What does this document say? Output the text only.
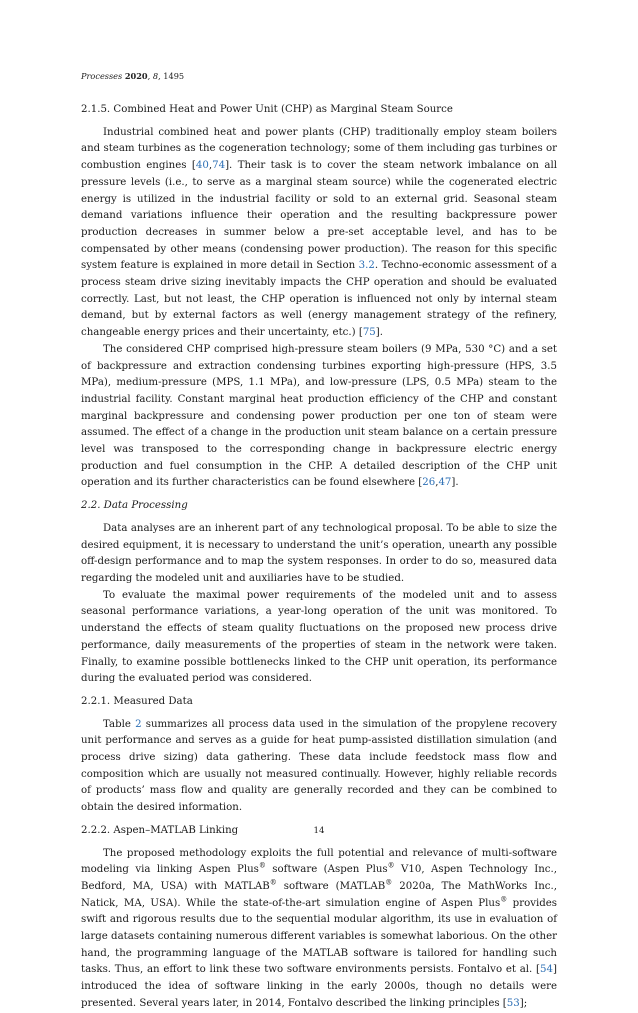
Processes 2020, 8, 1495
2.1.5. Combined Heat and Power Unit (CHP) as Marginal Steam Source

Industrial combined heat and power plants (CHP) traditionally employ steam boilers and steam turbines as the cogeneration technology; some of them including gas turbines or combustion engines [40,74]. Their task is to cover the steam network imbalance on all pressure levels (i.e., to serve as a marginal steam source) while the cogenerated electric energy is utilized in the industrial facility or sold to an external grid. Seasonal steam demand variations influence their operation and the resulting backpressure power production decreases in summer below a pre-set acceptable level, and has to be compensated by other means (condensing power production). The reason for this specific system feature is explained in more detail in Section 3.2. Techno-economic assessment of a process steam drive sizing inevitably impacts the CHP operation and should be evaluated correctly. Last, but not least, the CHP operation is influenced not only by internal steam demand, but by external factors as well (energy management strategy of the refinery, changeable energy prices and their uncertainty, etc.) [75].

The considered CHP comprised high-pressure steam boilers (9 MPa, 530 °C) and a set of backpressure and extraction condensing turbines exporting high-pressure (HPS, 3.5 MPa), medium-pressure (MPS, 1.1 MPa), and low-pressure (LPS, 0.5 MPa) steam to the industrial facility. Constant marginal heat production efficiency of the CHP and constant marginal backpressure and condensing power production per one ton of steam were assumed. The effect of a change in the production unit steam balance on a certain pressure level was transposed to the corresponding change in backpressure electric energy production and fuel consumption in the CHP. A detailed description of the CHP unit operation and its further characteristics can be found elsewhere [26,47].

2.2. Data Processing

Data analyses are an inherent part of any technological proposal. To be able to size the desired equipment, it is necessary to understand the unit’s operation, unearth any possible off-design performance and to map the system responses. In order to do so, measured data regarding the modeled unit and auxiliaries have to be studied.

To evaluate the maximal power requirements of the modeled unit and to assess seasonal performance variations, a year-long operation of the unit was monitored. To understand the effects of steam quality fluctuations on the proposed new process drive performance, daily measurements of the properties of steam in the network were taken. Finally, to examine possible bottlenecks linked to the CHP unit operation, its performance during the evaluated period was considered.

2.2.1. Measured Data

Table 2 summarizes all process data used in the simulation of the propylene recovery unit performance and serves as a guide for heat pump-assisted distillation simulation (and process drive sizing) data gathering. These data include feedstock mass flow and composition which are usually not measured continually. However, highly reliable records of products’ mass flow and quality are generally recorded and they can be combined to obtain the desired information.

2.2.2. Aspen–MATLAB Linking

The proposed methodology exploits the full potential and relevance of multi-software modeling via linking Aspen Plus® software (Aspen Plus® V10, Aspen Technology Inc., Bedford, MA, USA) with MATLAB® software (MATLAB® 2020a, The MathWorks Inc., Natick, MA, USA). While the state-of-the-art simulation engine of Aspen Plus® provides swift and rigorous results due to the sequential modular algorithm, its use in evaluation of large datasets containing numerous different variables is somewhat laborious. On the other hand, the programming language of the MATLAB software is tailored for handling such tasks. Thus, an effort to link these two software environments persists. Fontalvo et al. [54] introduced the idea of software linking in the early 2000s, though no details were presented. Several years later, in 2014, Fontalvo described the linking principles [53];

14
